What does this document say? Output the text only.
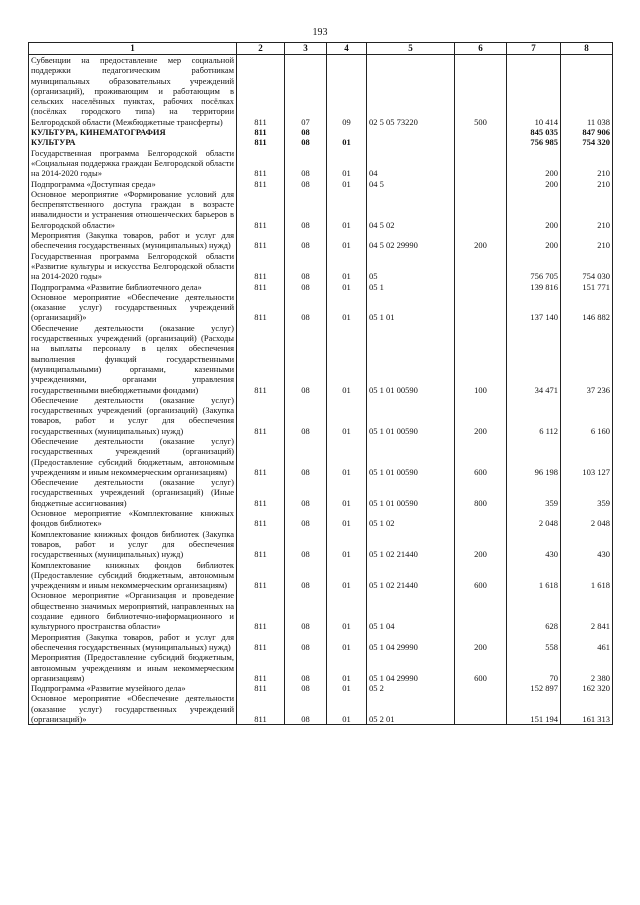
193
1	2	3	4	5	6	7	8
Субвенции на предоставление мер социальной поддержки педагогическим работникам муниципальных образовательных учреждений (организаций), проживающим и работающим в сельских населённых пунктах, рабочих посёлках (посёлках городского типа) на территории Белгородской области (Межбюджетные трансферты)	811	07	09	02 5 05 73220	500	10 414	11 038
КУЛЬТУРА, КИНЕМАТОГРАФИЯ	811	08				845 035	847 906
КУЛЬТУРА	811	08	01			756 985	754 320
Государственная программа Белгородской области «Социальная поддержка граждан Белгородской области на 2014-2020 годы»	811	08	01	04		200	210
Подпрограмма «Доступная среда»	811	08	01	04 5		200	210
Основное мероприятие «Формирование условий для беспрепятственного доступа граждан в возрасте инвалидности и устранения отношенческих барьеров в Белгородской области»	811	08	01	04 5 02		200	210
Мероприятия (Закупка товаров, работ и услуг для обеспечения государственных (муниципальных) нужд)	811	08	01	04 5 02 29990	200	200	210
Государственная программа Белгородской области «Развитие культуры и искусства Белгородской области на 2014-2020 годы»	811	08	01	05		756 705	754 030
Подпрограмма «Развитие библиотечного дела»	811	08	01	05 1		139 816	151 771
Основное мероприятие «Обеспечение деятельности (оказание услуг) государственных учреждений (организаций)»	811	08	01	05 1 01		137 140	146 882
Обеспечение деятельности (оказание услуг) государственных учреждений (организаций) (Расходы на выплаты персоналу в целях обеспечения выполнения функций государственными (муниципальными) органами, казенными учреждениями, органами управления государственными внебюджетными фондами)	811	08	01	05 1 01 00590	100	34 471	37 236
Обеспечение деятельности (оказание услуг) государственных учреждений (организаций) (Закупка товаров, работ и услуг для обеспечения государственных (муниципальных) нужд)	811	08	01	05 1 01 00590	200	6 112	6 160
Обеспечение деятельности (оказание услуг) государственных учреждений (организаций) (Предоставление субсидий бюджетным, автономным учреждениям и иным некоммерческим организациям)	811	08	01	05 1 01 00590	600	96 198	103 127
Обеспечение деятельности (оказание услуг) государственных учреждений (организаций) (Иные бюджетные ассигнования)	811	08	01	05 1 01 00590	800	359	359
Основное мероприятие «Комплектование книжных фондов библиотек»	811	08	01	05 1 02		2 048	2 048
Комплектование книжных фондов библиотек (Закупка товаров, работ и услуг для обеспечения государственных (муниципальных) нужд)	811	08	01	05 1 02 21440	200	430	430
Комплектование книжных фондов библиотек (Предоставление субсидий бюджетным, автономным учреждениям и иным некоммерческим организациям)	811	08	01	05 1 02 21440	600	1 618	1 618
Основное мероприятие «Организация и проведение общественно значимых мероприятий, направленных на создание единого библиотечно-информационного и культурного пространства области»	811	08	01	05 1 04		628	2 841
Мероприятия (Закупка товаров, работ и услуг для обеспечения государственных (муниципальных) нужд)	811	08	01	05 1 04 29990	200	558	461
Мероприятия (Предоставление субсидий бюджетным, автономным учреждениям и иным некоммерческим организациям)	811	08	01	05 1 04 29990	600	70	2 380
Подпрограмма «Развитие музейного дела»	811	08	01	05 2		152 897	162 320
Основное мероприятие «Обеспечение деятельности (оказание услуг) государственных учреждений (организаций)»	811	08	01	05 2 01		151 194	161 313
